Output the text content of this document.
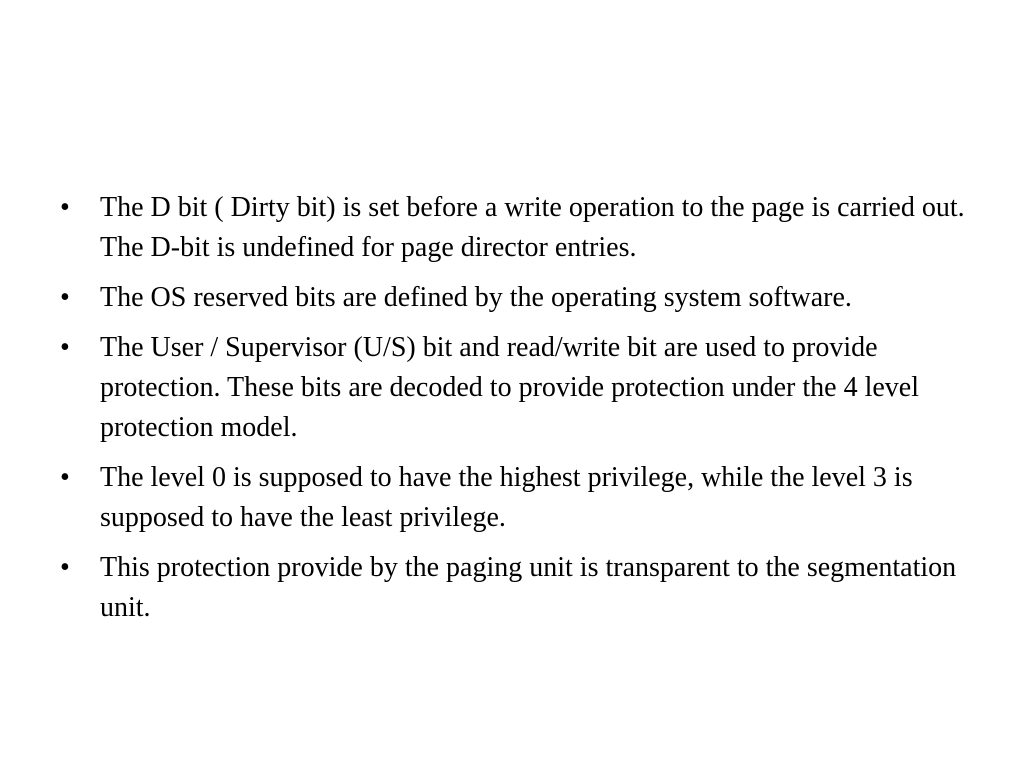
•	The D bit ( Dirty bit) is set before a write operation to the page is carried out. The D-bit is undefined for page director entries.
•	The OS reserved bits are defined by the operating system software.
•	The User / Supervisor (U/S) bit and read/write bit are used to provide protection. These bits are decoded to provide protection under the 4 level protection model.
•	The level 0 is supposed to have the highest privilege, while the level 3 is supposed to have the least privilege.
•	This protection provide by the paging unit is transparent to the segmentation unit.
